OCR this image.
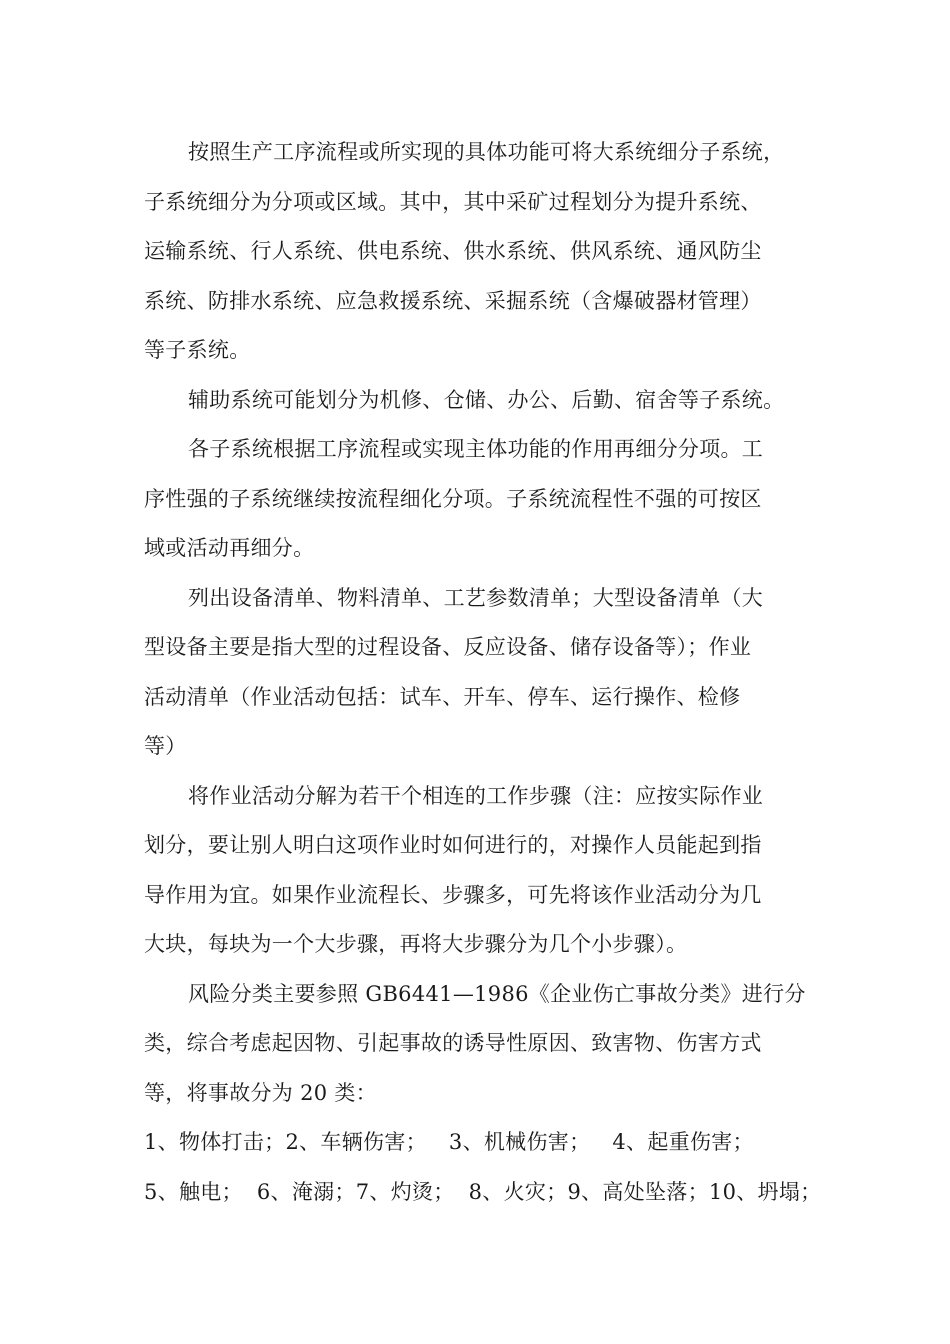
按照生产工序流程或所实现的具体功能可将大系统细分子系统，
子系统细分为分项或区域。其中，其中采矿过程划分为提升系统、
运输系统、行人系统、供电系统、供水系统、供风系统、通风防尘
系统、防排水系统、应急救援系统、采掘系统（含爆破器材管理）
等子系统。
辅助系统可能划分为机修、仓储、办公、后勤、宿舍等子系统。
各子系统根据工序流程或实现主体功能的作用再细分分项。工
序性强的子系统继续按流程细化分项。子系统流程性不强的可按区
域或活动再细分。
列出设备清单、物料清单、工艺参数清单；大型设备清单（大
型设备主要是指大型的过程设备、反应设备、储存设备等）；作业
活动清单（作业活动包括：试车、开车、停车、运行操作、检修
等）
将作业活动分解为若干个相连的工作步骤（注：应按实际作业
划分，要让别人明白这项作业时如何进行的，对操作人员能起到指
导作用为宜。如果作业流程长、步骤多，可先将该作业活动分为几
大块，每块为一个大步骤，再将大步骤分为几个小步骤）。
风险分类主要参照 GB6441—1986《企业伤亡事故分类》进行分
类，综合考虑起因物、引起事故的诱导性原因、致害物、伤害方式
等，将事故分为 20 类：
1、物体打击；2、车辆伤害； 3、机械伤害； 4、起重伤害；
5、触电； 6、淹溺；7、灼烫； 8、火灾；9、高处坠落；10、坍塌；
